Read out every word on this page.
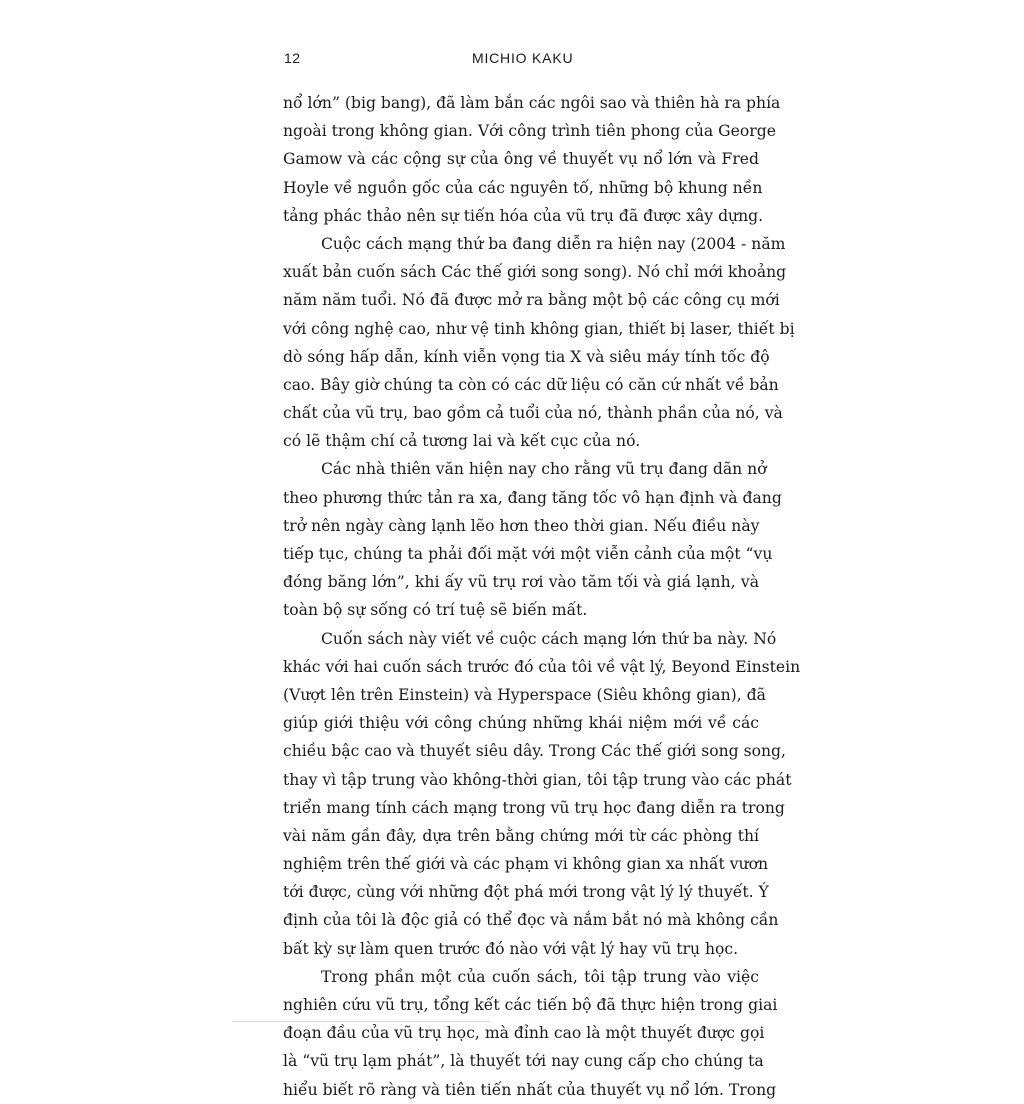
12	MICHIO KAKU
nổ lớn” (big bang), đã làm bắn các ngôi sao và thiên hà ra phía
ngoài trong không gian. Với công trình tiên phong của George
Gamow và các cộng sự của ông về thuyết vụ nổ lớn và Fred
Hoyle về nguồn gốc của các nguyên tố, những bộ khung nền
tảng phác thảo nên sự tiến hóa của vũ trụ đã được xây dựng.
Cuộc cách mạng thứ ba đang diễn ra hiện nay (2004 - năm
xuất bản cuốn sách Các thế giới song song). Nó chỉ mới khoảng
năm năm tuổi. Nó đã được mở ra bằng một bộ các công cụ mới
với công nghệ cao, như vệ tinh không gian, thiết bị laser, thiết bị
dò sóng hấp dẫn, kính viễn vọng tia X và siêu máy tính tốc độ
cao. Bây giờ chúng ta còn có các dữ liệu có căn cứ nhất về bản
chất của vũ trụ, bao gồm cả tuổi của nó, thành phần của nó, và
có lẽ thậm chí cả tương lai và kết cục của nó.
Các nhà thiên văn hiện nay cho rằng vũ trụ đang dãn nở
theo phương thức tản ra xa, đang tăng tốc vô hạn định và đang
trở nên ngày càng lạnh lẽo hơn theo thời gian. Nếu điều này
tiếp tục, chúng ta phải đối mặt với một viễn cảnh của một “vụ
đóng băng lớn”, khi ấy vũ trụ rơi vào tăm tối và giá lạnh, và
toàn bộ sự sống có trí tuệ sẽ biến mất.
Cuốn sách này viết về cuộc cách mạng lớn thứ ba này. Nó
khác với hai cuốn sách trước đó của tôi về vật lý, Beyond Einstein
(Vượt lên trên Einstein) và Hyperspace (Siêu không gian), đã
giúp giới thiệu với công chúng những khái niệm mới về các
chiều bậc cao và thuyết siêu dây. Trong Các thế giới song song,
thay vì tập trung vào không-thời gian, tôi tập trung vào các phát
triển mang tính cách mạng trong vũ trụ học đang diễn ra trong
vài năm gần đây, dựa trên bằng chứng mới từ các phòng thí
nghiệm trên thế giới và các phạm vi không gian xa nhất vươn
tới được, cùng với những đột phá mới trong vật lý lý thuyết. Ý
định của tôi là độc giả có thể đọc và nắm bắt nó mà không cần
bất kỳ sự làm quen trước đó nào với vật lý hay vũ trụ học.
Trong phần một của cuốn sách, tôi tập trung vào việc
nghiên cứu vũ trụ, tổng kết các tiến bộ đã thực hiện trong giai
đoạn đầu của vũ trụ học, mà đỉnh cao là một thuyết được gọi
là “vũ trụ lạm phát”, là thuyết tới nay cung cấp cho chúng ta
hiểu biết rõ ràng và tiên tiến nhất của thuyết vụ nổ lớn. Trong
